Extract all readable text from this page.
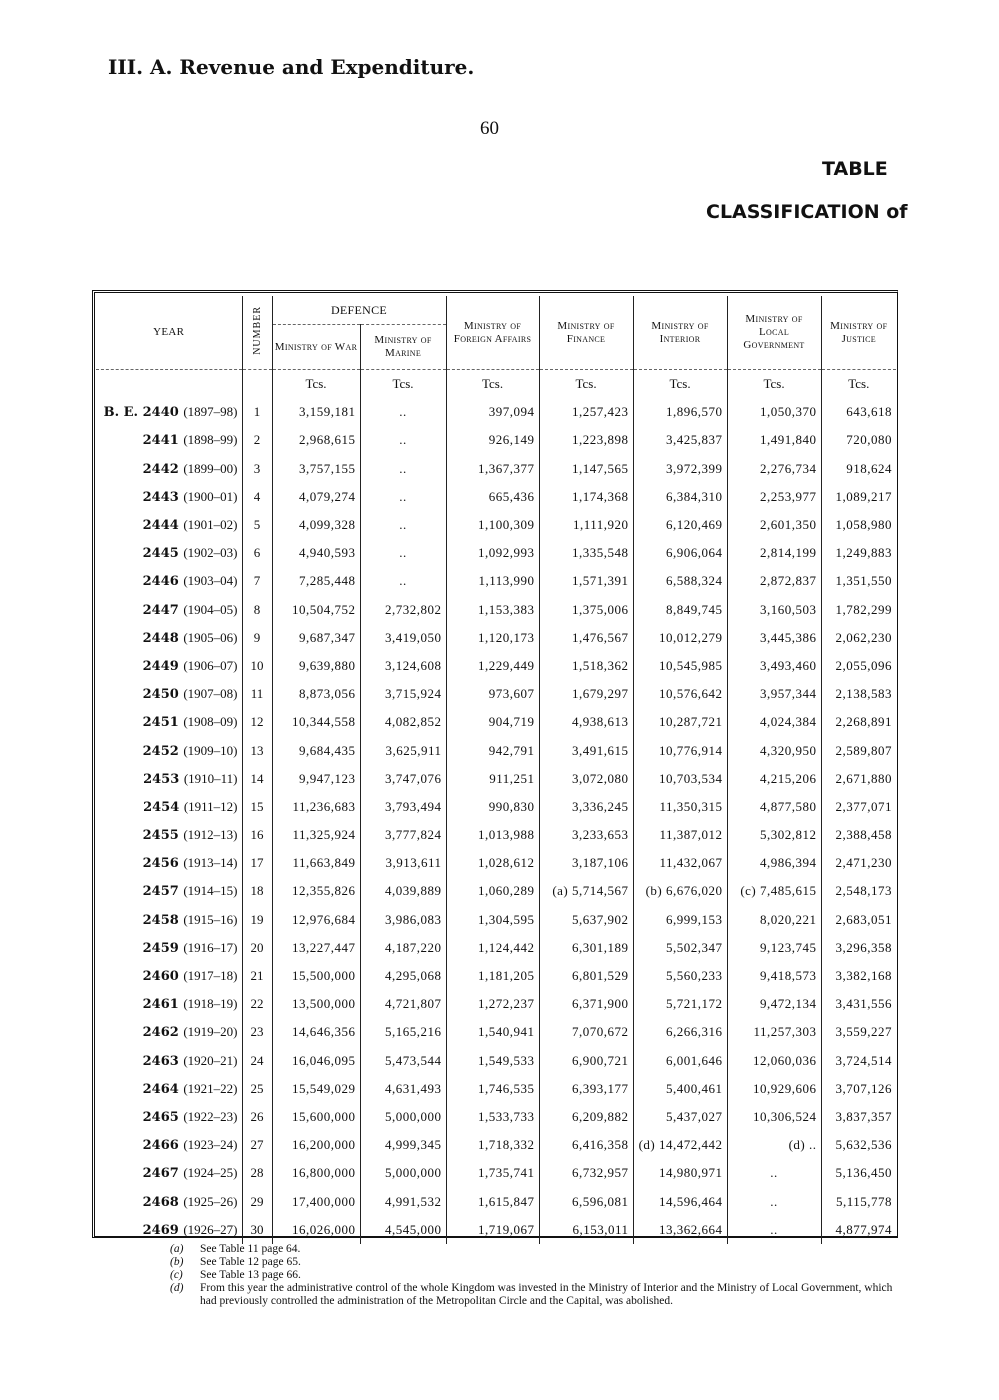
III. A. Revenue and Expenditure.
60
TABLE
CLASSIFICATION of
YEAR	NUMBER	DEFENCE		Ministry of Foreign Affairs	Ministry of Finance	Ministry of Interior	Ministry of Local Government	Ministry of Justice
		Ministry of War	Ministry of Marine					
		Tcs.	Tcs.	Tcs.	Tcs.	Tcs.	Tcs.	Tcs.
B. E. 2440 (1897–98)	1	3,159,181	..	397,094	1,257,423	1,896,570	1,050,370	643,618
2441 (1898–99)	2	2,968,615	..	926,149	1,223,898	3,425,837	1,491,840	720,080
2442 (1899–00)	3	3,757,155	..	1,367,377	1,147,565	3,972,399	2,276,734	918,624
2443 (1900–01)	4	4,079,274	..	665,436	1,174,368	6,384,310	2,253,977	1,089,217
2444 (1901–02)	5	4,099,328	..	1,100,309	1,111,920	6,120,469	2,601,350	1,058,980
2445 (1902–03)	6	4,940,593	..	1,092,993	1,335,548	6,906,064	2,814,199	1,249,883
2446 (1903–04)	7	7,285,448	..	1,113,990	1,571,391	6,588,324	2,872,837	1,351,550
2447 (1904–05)	8	10,504,752	2,732,802	1,153,383	1,375,006	8,849,745	3,160,503	1,782,299
2448 (1905–06)	9	9,687,347	3,419,050	1,120,173	1,476,567	10,012,279	3,445,386	2,062,230
2449 (1906–07)	10	9,639,880	3,124,608	1,229,449	1,518,362	10,545,985	3,493,460	2,055,096
2450 (1907–08)	11	8,873,056	3,715,924	973,607	1,679,297	10,576,642	3,957,344	2,138,583
2451 (1908–09)	12	10,344,558	4,082,852	904,719	4,938,613	10,287,721	4,024,384	2,268,891
2452 (1909–10)	13	9,684,435	3,625,911	942,791	3,491,615	10,776,914	4,320,950	2,589,807
2453 (1910–11)	14	9,947,123	3,747,076	911,251	3,072,080	10,703,534	4,215,206	2,671,880
2454 (1911–12)	15	11,236,683	3,793,494	990,830	3,336,245	11,350,315	4,877,580	2,377,071
2455 (1912–13)	16	11,325,924	3,777,824	1,013,988	3,233,653	11,387,012	5,302,812	2,388,458
2456 (1913–14)	17	11,663,849	3,913,611	1,028,612	3,187,106	11,432,067	4,986,394	2,471,230
2457 (1914–15)	18	12,355,826	4,039,889	1,060,289	(a) 5,714,567	(b) 6,676,020	(c) 7,485,615	2,548,173
2458 (1915–16)	19	12,976,684	3,986,083	1,304,595	5,637,902	6,999,153	8,020,221	2,683,051
2459 (1916–17)	20	13,227,447	4,187,220	1,124,442	6,301,189	5,502,347	9,123,745	3,296,358
2460 (1917–18)	21	15,500,000	4,295,068	1,181,205	6,801,529	5,560,233	9,418,573	3,382,168
2461 (1918–19)	22	13,500,000	4,721,807	1,272,237	6,371,900	5,721,172	9,472,134	3,431,556
2462 (1919–20)	23	14,646,356	5,165,216	1,540,941	7,070,672	6,266,316	11,257,303	3,559,227
2463 (1920–21)	24	16,046,095	5,473,544	1,549,533	6,900,721	6,001,646	12,060,036	3,724,514
2464 (1921–22)	25	15,549,029	4,631,493	1,746,535	6,393,177	5,400,461	10,929,606	3,707,126
2465 (1922–23)	26	15,600,000	5,000,000	1,533,733	6,209,882	5,437,027	10,306,524	3,837,357
2466 (1923–24)	27	16,200,000	4,999,345	1,718,332	6,416,358	(d) 14,472,442	(d) ..	5,632,536
2467 (1924–25)	28	16,800,000	5,000,000	1,735,741	6,732,957	14,980,971	..	5,136,450
2468 (1925–26)	29	17,400,000	4,991,532	1,615,847	6,596,081	14,596,464	..	5,115,778
2469 (1926–27)	30	16,026,000	4,545,000	1,719,067	6,153,011	13,362,664	..	4,877,974
(a)	See Table 11 page 64.
(b)	See Table 12 page 65.
(c)	See Table 13 page 66.
(d)	From this year the administrative control of the whole Kingdom was invested in the Ministry of Interior and the Ministry of Local Government, which had previously controlled the administration of the Metropolitan Circle and the Capital, was abolished.
